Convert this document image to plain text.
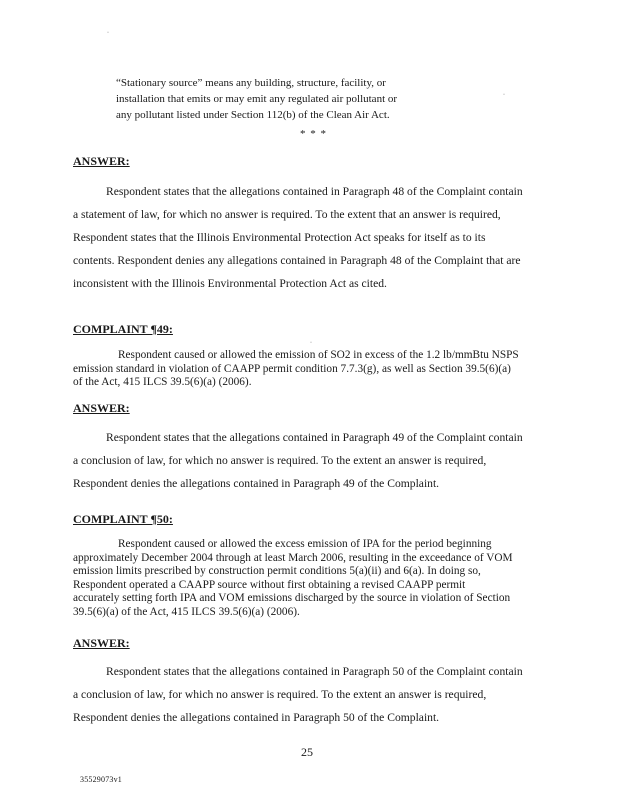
·
·
·
“Stationary source” means any building, structure, facility, or
installation that emits or may emit any regulated air pollutant or
any pollutant listed under Section 112(b) of the Clean Air Act.
* * *
ANSWER:
Respondent states that the allegations contained in Paragraph 48 of the Complaint contain
a statement of law, for which no answer is required. To the extent that an answer is required,
Respondent states that the Illinois Environmental Protection Act speaks for itself as to its
contents. Respondent denies any allegations contained in Paragraph 48 of the Complaint that are
inconsistent with the Illinois Environmental Protection Act as cited.
COMPLAINT ¶49:
Respondent caused or allowed the emission of SO2 in excess of the 1.2 lb/mmBtu NSPS
emission standard in violation of CAAPP permit condition 7.7.3(g), as well as Section 39.5(6)(a)
of the Act, 415 ILCS 39.5(6)(a) (2006).
ANSWER:
Respondent states that the allegations contained in Paragraph 49 of the Complaint contain
a conclusion of law, for which no answer is required. To the extent an answer is required,
Respondent denies the allegations contained in Paragraph 49 of the Complaint.
COMPLAINT ¶50:
Respondent caused or allowed the excess emission of IPA for the period beginning
approximately December 2004 through at least March 2006, resulting in the exceedance of VOM
emission limits prescribed by construction permit conditions 5(a)(ii) and 6(a). In doing so,
Respondent operated a CAAPP source without first obtaining a revised CAAPP permit
accurately setting forth IPA and VOM emissions discharged by the source in violation of Section
39.5(6)(a) of the Act, 415 ILCS 39.5(6)(a) (2006).
ANSWER:
Respondent states that the allegations contained in Paragraph 50 of the Complaint contain
a conclusion of law, for which no answer is required. To the extent an answer is required,
Respondent denies the allegations contained in Paragraph 50 of the Complaint.
25
35529073v1
